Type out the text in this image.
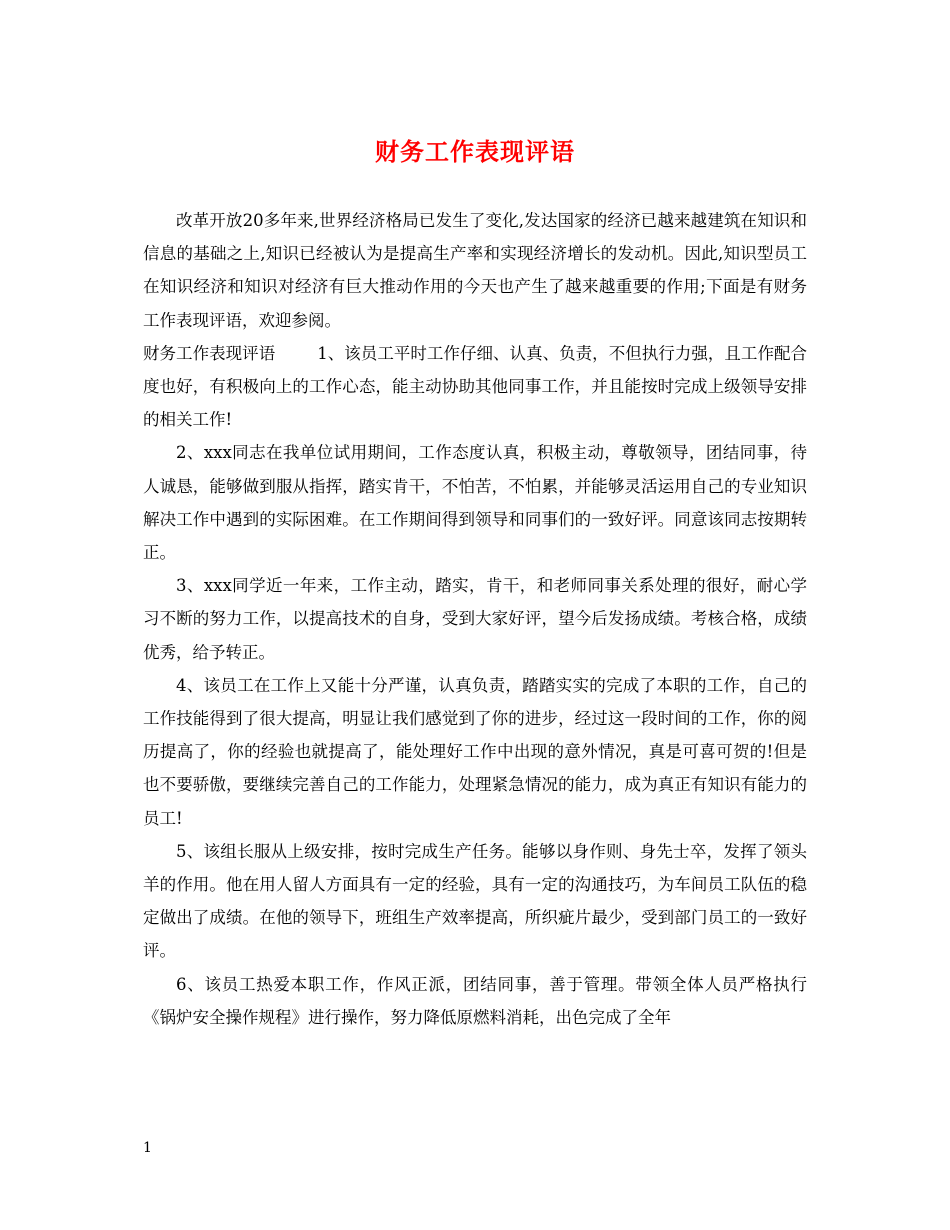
财务工作表现评语

改革开放20多年来,世界经济格局已发生了变化,发达国家的经济已越来越建筑在知识和信息的基础之上,知识已经被认为是提高生产率和实现经济增长的发动机。因此,知识型员工在知识经济和知识对经济有巨大推动作用的今天也产生了越来越重要的作用;下面是有财务工作表现评语，欢迎参阅。

财务工作表现评语	1、该员工平时工作仔细、认真、负责，不但执行力强，且工作配合度也好，有积极向上的工作心态，能主动协助其他同事工作，并且能按时完成上级领导安排的相关工作!

2、xxx同志在我单位试用期间，工作态度认真，积极主动，尊敬领导，团结同事，待人诚恳，能够做到服从指挥，踏实肯干，不怕苦，不怕累，并能够灵活运用自己的专业知识解决工作中遇到的实际困难。在工作期间得到领导和同事们的一致好评。同意该同志按期转正。

3、xxx同学近一年来，工作主动，踏实，肯干，和老师同事关系处理的很好，耐心学习不断的努力工作，以提高技术的自身，受到大家好评，望今后发扬成绩。考核合格，成绩优秀，给予转正。

4、该员工在工作上又能十分严谨，认真负责，踏踏实实的完成了本职的工作，自己的工作技能得到了很大提高，明显让我们感觉到了你的进步，经过这一段时间的工作，你的阅历提高了，你的经验也就提高了，能处理好工作中出现的意外情况，真是可喜可贺的!但是也不要骄傲，要继续完善自己的工作能力，处理紧急情况的能力，成为真正有知识有能力的员工!

5、该组长服从上级安排，按时完成生产任务。能够以身作则、身先士卒，发挥了领头羊的作用。他在用人留人方面具有一定的经验，具有一定的沟通技巧，为车间员工队伍的稳定做出了成绩。在他的领导下，班组生产效率提高，所织疵片最少，受到部门员工的一致好评。

6、该员工热爱本职工作，作风正派，团结同事，善于管理。带领全体人员严格执行《锅炉安全操作规程》进行操作，努力降低原燃料消耗，出色完成了全年

1
